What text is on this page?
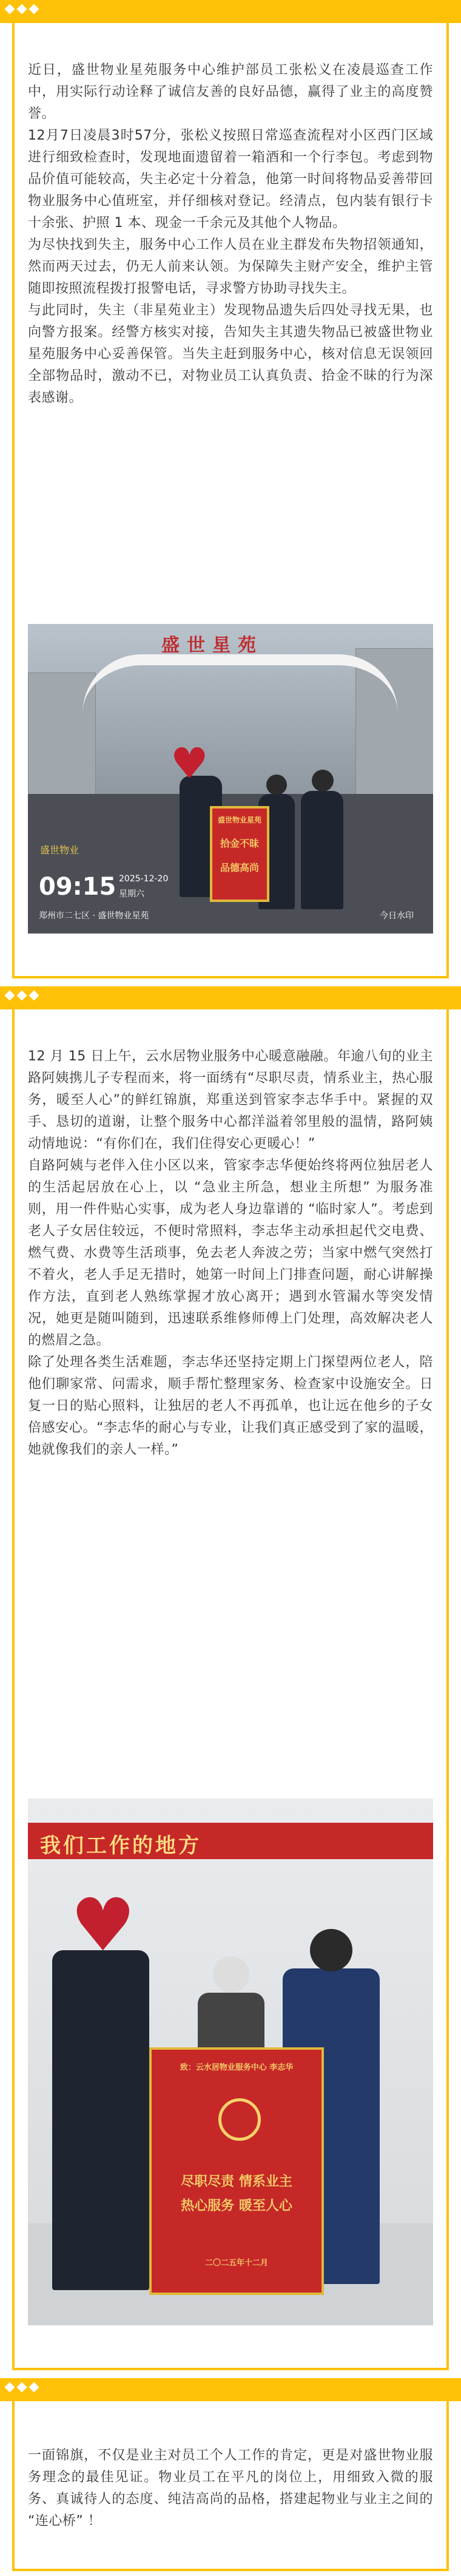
近日，盛世物业星苑服务中心维护部员工张松义在凌晨巡查工作中，用实际行动诠释了诚信友善的良好品德，赢得了业主的高度赞誉。

12月7日凌晨3时57分，张松义按照日常巡查流程对小区西门区域进行细致检查时，发现地面遗留着一箱酒和一个行李包。考虑到物品价值可能较高，失主必定十分着急，他第一时间将物品妥善带回物业服务中心值班室，并仔细核对登记。经清点，包内装有银行卡十余张、护照 1 本、现金一千余元及其他个人物品。

为尽快找到失主，服务中心工作人员在业主群发布失物招领通知，然而两天过去，仍无人前来认领。为保障失主财产安全，维护主管随即按照流程拨打报警电话，寻求警方协助寻找失主。

与此同时，失主（非星苑业主）发现物品遗失后四处寻找无果，也向警方报案。经警方核实对接，告知失主其遗失物品已被盛世物业星苑服务中心妥善保管。当失主赶到服务中心，核对信息无误领回全部物品时，激动不已，对物业员工认真负责、拾金不昧的行为深表感谢。

盛世星苑
♥
盛世物业星苑
拾金不昧
品德高尚
盛世物业
09:15 2025-12-20
星期六
郑州市二七区 · 盛世物业星苑	今日水印

12 月 15 日上午，云水居物业服务中心暖意融融。年逾八旬的业主路阿姨携儿子专程而来，将一面绣有“尽职尽责，情系业主，热心服务，暖至人心”的鲜红锦旗，郑重送到管家李志华手中。紧握的双手、恳切的道谢，让整个服务中心都洋溢着邻里般的温情，路阿姨动情地说：“有你们在，我们住得安心更暖心！”

自路阿姨与老伴入住小区以来，管家李志华便始终将两位独居老人的生活起居放在心上，以 “急业主所急，想业主所想” 为服务准则，用一件件贴心实事，成为老人身边靠谱的 “临时家人”。考虑到老人子女居住较远，不便时常照料，李志华主动承担起代交电费、燃气费、水费等生活琐事，免去老人奔波之劳；当家中燃气突然打不着火，老人手足无措时，她第一时间上门排查问题，耐心讲解操作方法，直到老人熟练掌握才放心离开；遇到水管漏水等突发情况，她更是随叫随到，迅速联系维修师傅上门处理，高效解决老人的燃眉之急。

除了处理各类生活难题，李志华还坚持定期上门探望两位老人，陪他们聊家常、问需求，顺手帮忙整理家务、检查家中设施安全。日复一日的贴心照料，让独居的老人不再孤单，也让远在他乡的子女倍感安心。“李志华的耐心与专业，让我们真正感受到了家的温暖，她就像我们的亲人一样。”

我们工作的地方
♥
致：云水居物业服务中心 李志华
尽职尽责 情系业主
热心服务 暖至人心
二〇二五年十二月

一面锦旗，不仅是业主对员工个人工作的肯定，更是对盛世物业服务理念的最佳见证。物业员工在平凡的岗位上，用细致入微的服务、真诚待人的态度、纯洁高尚的品格，搭建起物业与业主之间的 “连心桥” ！
